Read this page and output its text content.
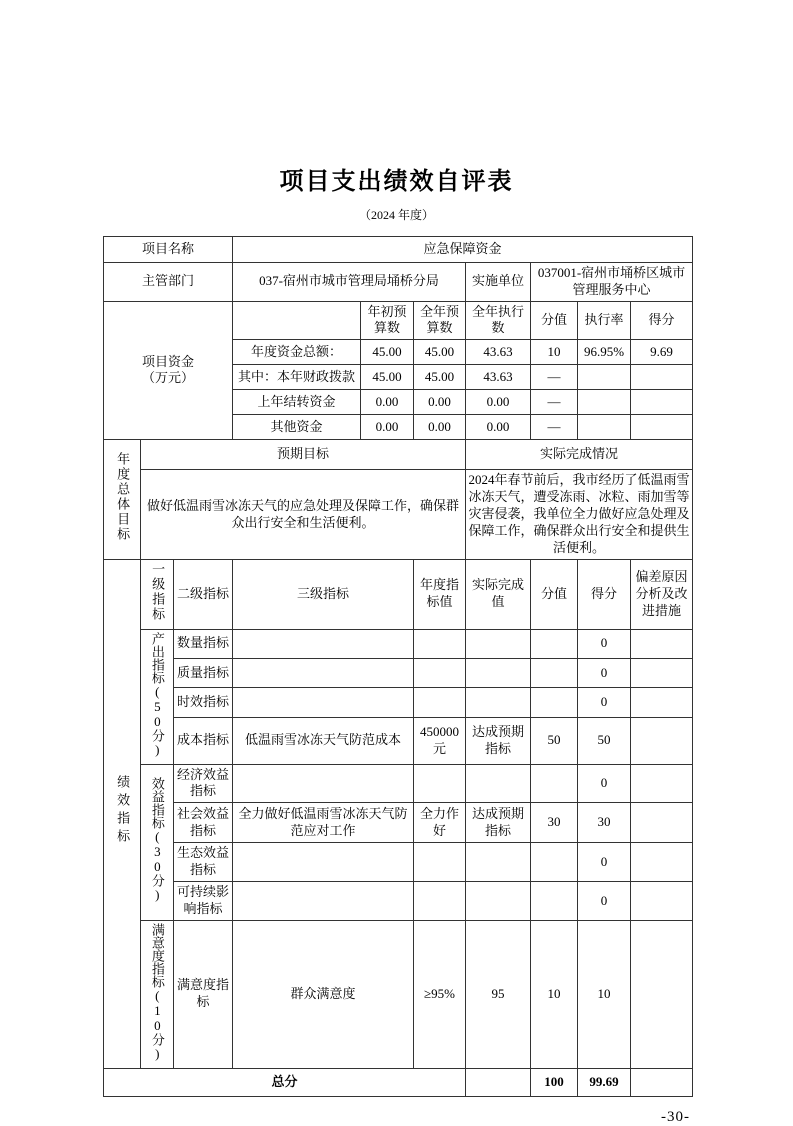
项目支出绩效自评表
（2024 年度）
项目名称			应急保障资金						
主管部门			037-宿州市城市管理局埇桥分局			实施单位	037001-宿州市埇桥区城市管理服务中心		
项目资金（万元）				年初预算数	全年预算数	全年执行数	分值	执行率	得分
			年度资金总额：	45.00	45.00	43.63	10	96.95%	9.69
			其中：本年财政拨款	45.00	45.00	43.63	—		
			上年结转资金	0.00	0.00	0.00	—		
			其他资金	0.00	0.00	0.00	—		
年度总体目标	预期目标					实际完成情况			
	做好低温雨雪冰冻天气的应急处理及保障工作，确保群众出行安全和生活便利。					2024年春节前后，我市经历了低温雨雪冰冻天气，遭受冻雨、冰粒、雨加雪等灾害侵袭，我单位全力做好应急处理及保障工作，确保群众出行安全和提供生活便利。			
绩效指标	一级指标	二级指标	三级指标		年度指标值	实际完成值	分值	得分	偏差原因分析及改进措施
	产出指标(50分)	数量指标						0	
		质量指标						0	
		时效指标						0	
		成本指标	低温雨雪冰冻天气防范成本		450000元	达成预期指标	50	50	
	效益指标(30分)	经济效益指标						0	
		社会效益指标	全力做好低温雨雪冰冻天气防范应对工作		全力作好	达成预期指标	30	30	
		生态效益指标						0	
		可持续影响指标						0	
	满意度指标(10分)	满意度指标	群众满意度		≥95%	95	10	10	
总分							100	99.69	
-30-
